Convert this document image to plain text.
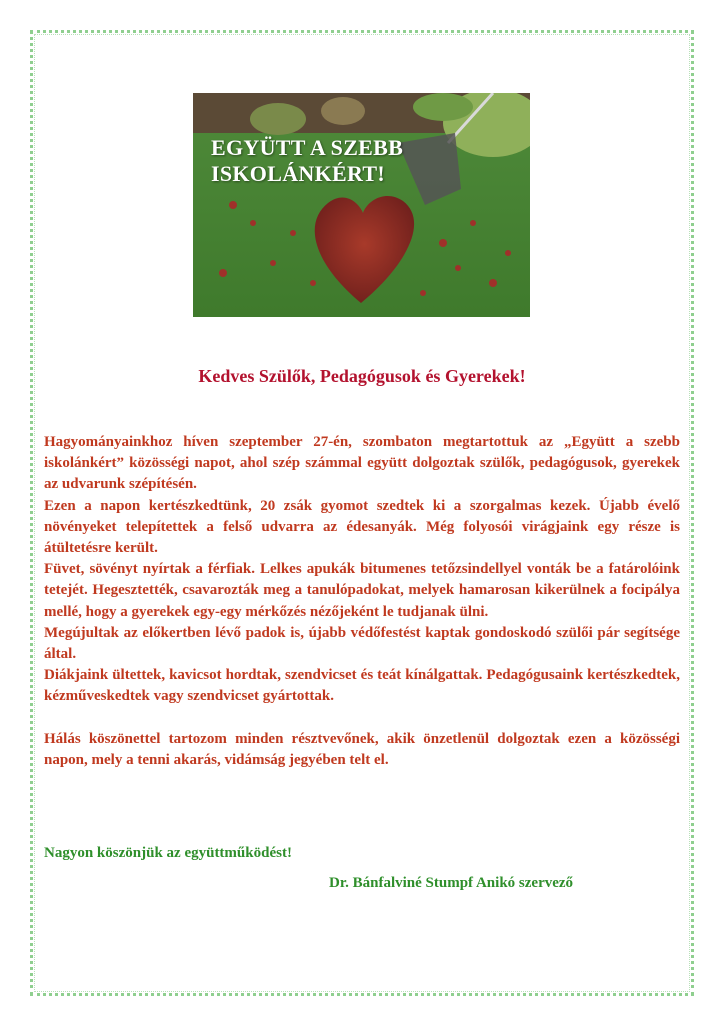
EGYÜTT A SZEBB
ISKOLÁNKÉRT!
Kedves Szülők, Pedagógusok és Gyerekek!

Hagyományainkhoz híven szeptember 27-én, szombaton megtartottuk az „Együtt a szebb iskolánkért” közösségi napot, ahol szép számmal együtt dolgoztak szülők, pedagógusok, gyerekek az udvarunk szépítésén.

Ezen a napon kertészkedtünk, 20 zsák gyomot szedtek ki a szorgalmas kezek. Újabb évelő növényeket telepítettek a felső udvarra az édesanyák. Még folyosói virágjaink egy része is átültetésre került.

Füvet, sövényt nyírtak a férfiak. Lelkes apukák bitumenes tetőzsindellyel vonták be a fatárolóink tetejét. Hegesztették, csavarozták meg a tanulópadokat, melyek hamarosan kikerülnek a focipálya mellé, hogy a gyerekek egy-egy mérkőzés nézőjeként le tudjanak ülni.

Megújultak az előkertben lévő padok is, újabb védőfestést kaptak gondoskodó szülői pár segítsége által.

Diákjaink ültettek, kavicsot hordtak, szendvicset és teát kínálgattak. Pedagógusaink kertészkedtek, kézműveskedtek vagy szendvicset gyártottak.

Hálás köszönettel tartozom minden résztvevőnek, akik önzetlenül dolgoztak ezen a közösségi napon, mely a tenni akarás, vidámság jegyében telt el.

Nagyon köszönjük az együttműködést!
Dr. Bánfalviné Stumpf Anikó szervező
